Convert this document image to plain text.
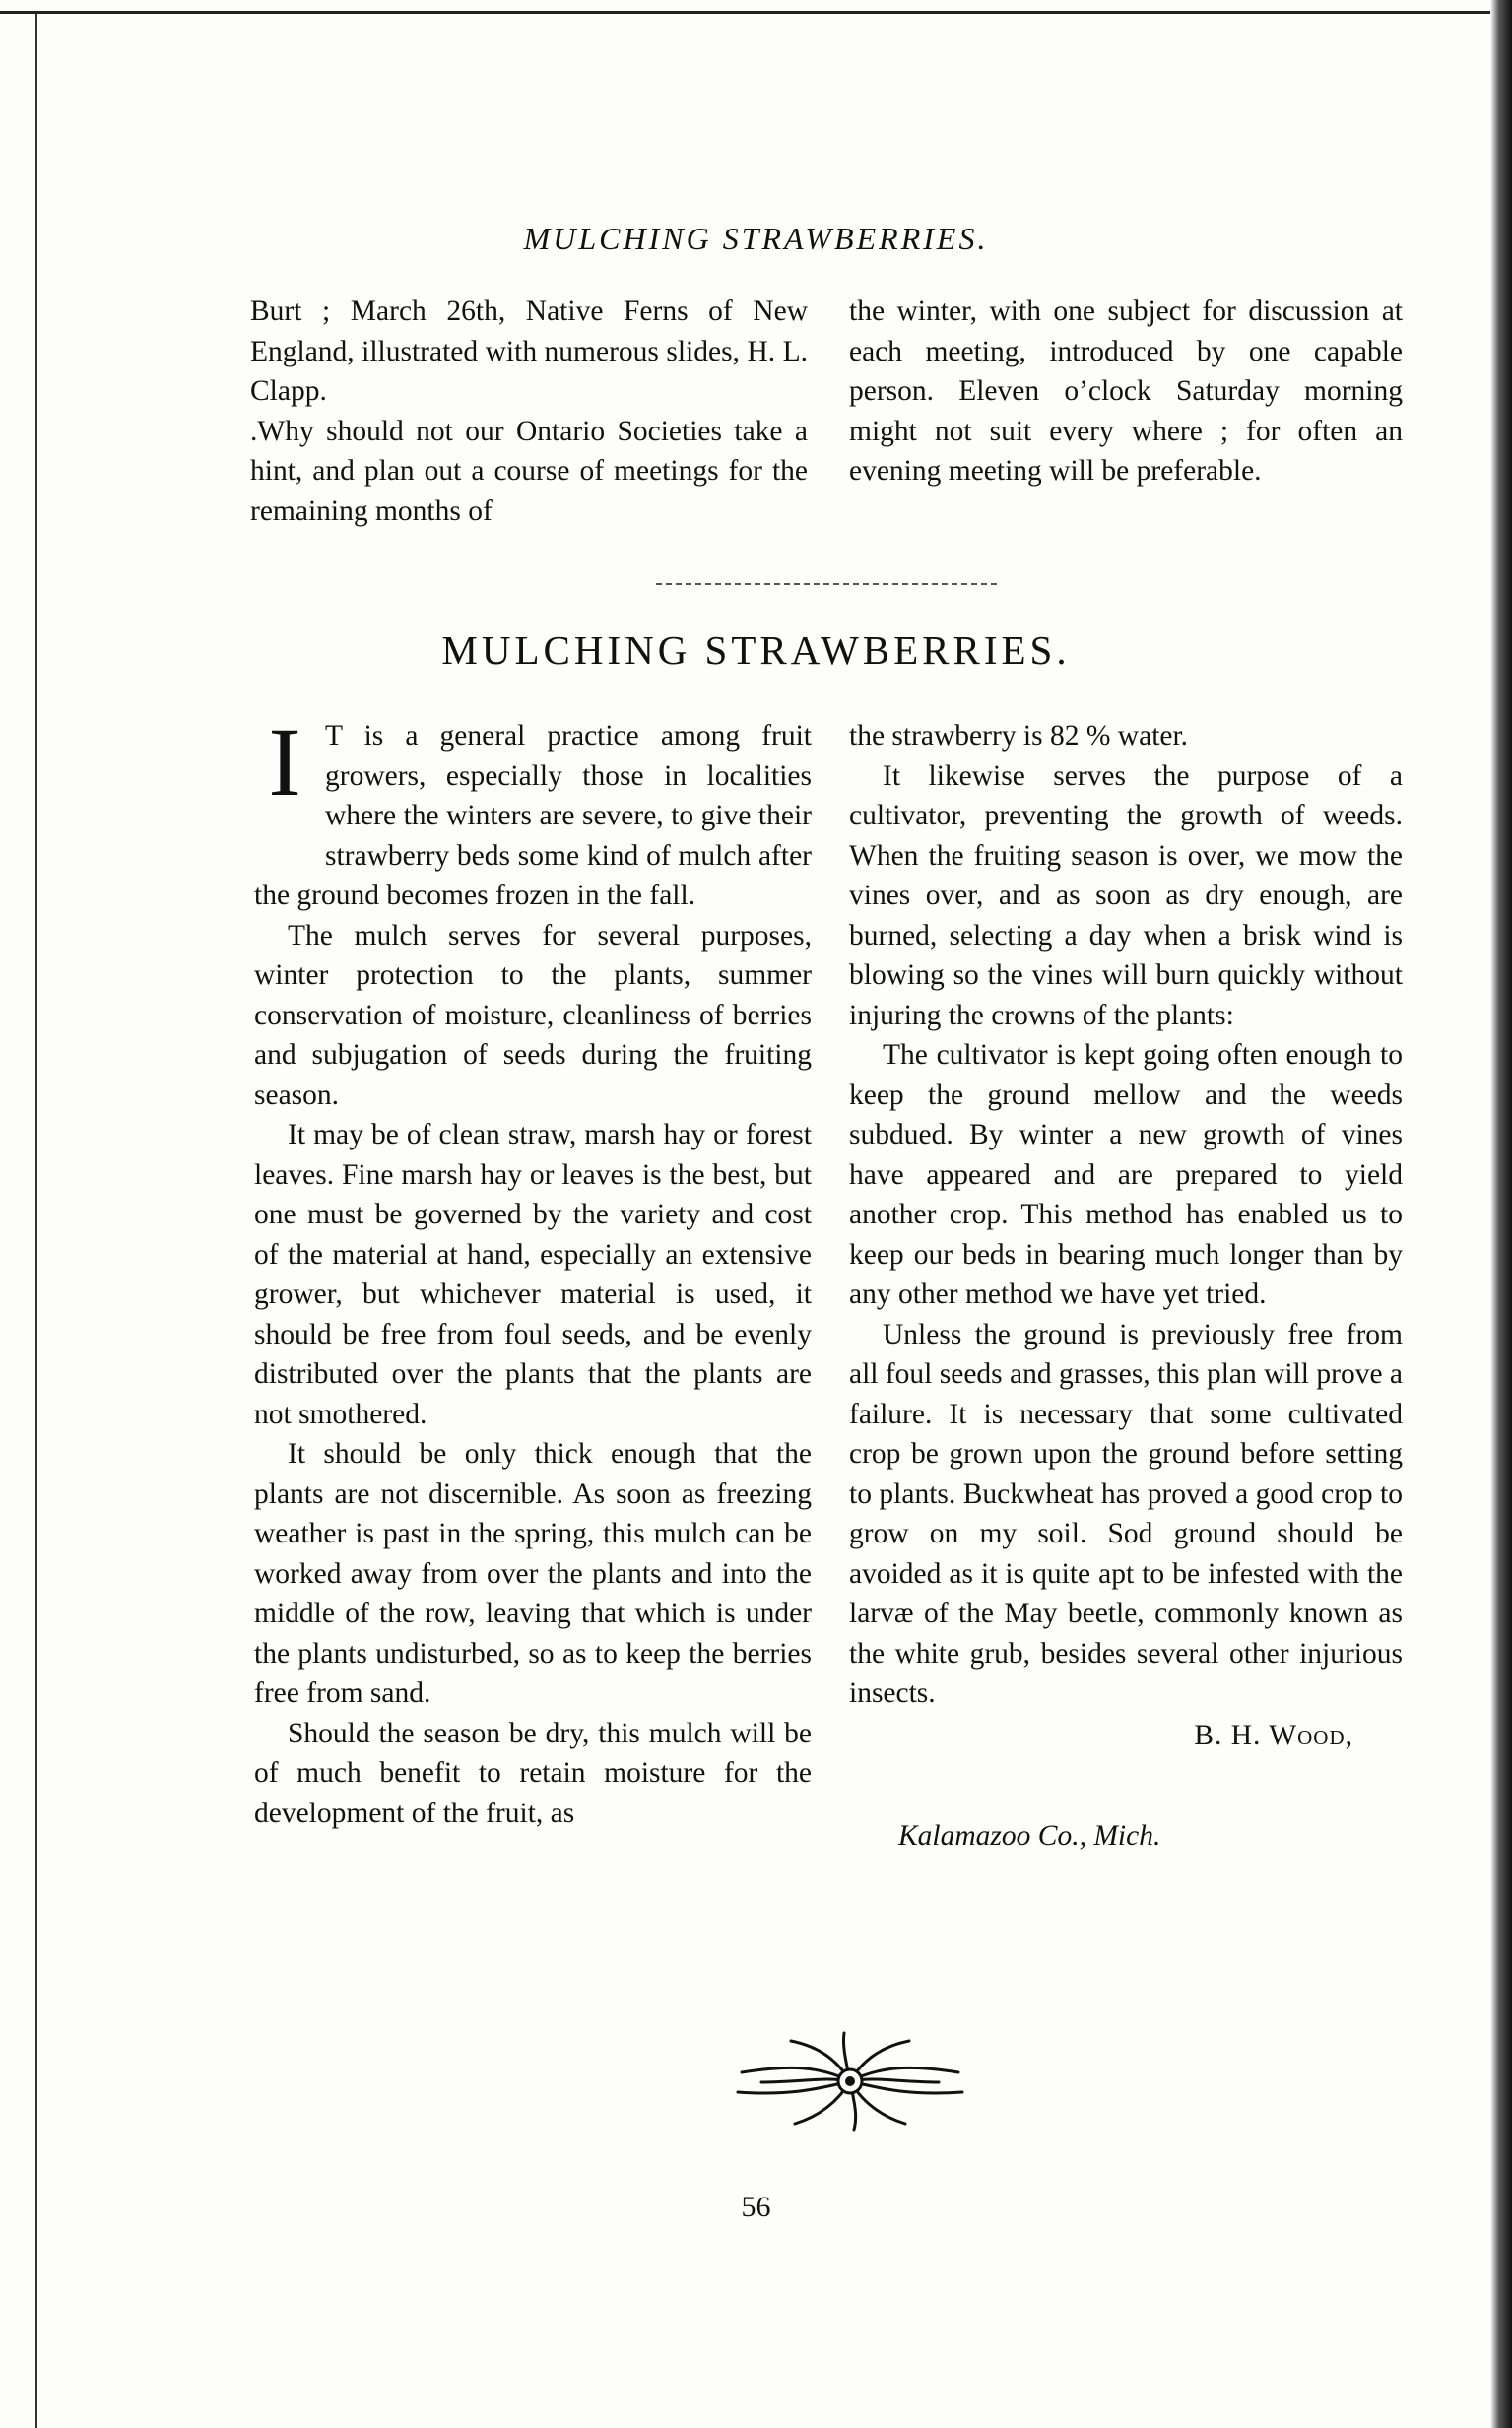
MULCHING STRAWBERRIES.

Burt ; March 26th, Native Ferns of New England, illustrated with numerous slides, H. L. Clapp.

.Why should not our Ontario Societies take a hint, and plan out a course of meetings for the remaining months of

the winter, with one subject for discussion at each meeting, introduced by one capable person. Eleven o’clock Saturday morning might not suit every where ; for often an evening meeting will be preferable.

MULCHING STRAWBERRIES.

I T is a general practice among fruit growers, especially those in localities where the winters are severe, to give their strawberry beds some kind of mulch after the ground becomes frozen in the fall.

The mulch serves for several purposes, winter protection to the plants, summer conservation of moisture, cleanliness of berries and subjugation of seeds during the fruiting season.

It may be of clean straw, marsh hay or forest leaves. Fine marsh hay or leaves is the best, but one must be governed by the variety and cost of the material at hand, especially an extensive grower, but whichever material is used, it should be free from foul seeds, and be evenly distributed over the plants that the plants are not smothered.

It should be only thick enough that the plants are not discernible. As soon as freezing weather is past in the spring, this mulch can be worked away from over the plants and into the middle of the row, leaving that which is under the plants undisturbed, so as to keep the berries free from sand.

Should the season be dry, this mulch will be of much benefit to retain moisture for the development of the fruit, as

the strawberry is 82 % water.

It likewise serves the purpose of a cultivator, preventing the growth of weeds. When the fruiting season is over, we mow the vines over, and as soon as dry enough, are burned, selecting a day when a brisk wind is blowing so the vines will burn quickly without injuring the crowns of the plants:

The cultivator is kept going often enough to keep the ground mellow and the weeds subdued. By winter a new growth of vines have appeared and are prepared to yield another crop. This method has enabled us to keep our beds in bearing much longer than by any other method we have yet tried.

Unless the ground is previously free from all foul seeds and grasses, this plan will prove a failure. It is necessary that some cultivated crop be grown upon the ground before setting to plants. Buckwheat has proved a good crop to grow on my soil. Sod ground should be avoided as it is quite apt to be infested with the larvæ of the May beetle, commonly known as the white grub, besides several other injurious insects.

B. H. Wood,

Kalamazoo Co., Mich.

56
